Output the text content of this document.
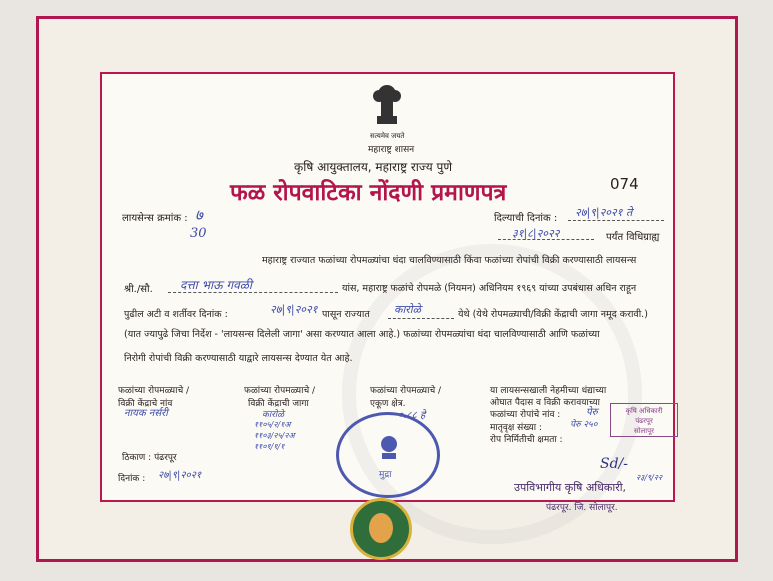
सत्यमेव जयते
महाराष्ट्र शासन
कृषि आयुक्तालय, महाराष्ट्र राज्य पुणे
फळ रोपवाटिका नोंदणी प्रमाणपत्र	074
लायसेन्स क्रमांक : ७
30
दिल्याची दिनांक : २७|९|२०२१ ते
३१|८|२०२२	पर्यंत विधिग्राह्य
महाराष्ट्र राज्यात फळांच्या रोपमळ्यांचा धंदा चालविण्यासाठी किंवा फळांच्या रोपांची विक्री करण्यासाठी लायसन्स
श्री./सौ. दत्ता भाऊ गवळी	यांस, महाराष्ट्र फळांचे रोपमळे (नियमन) अधिनियम १९६९ यांच्या उपबंधास अधिन राहून
पुढील अटी व शर्तीवर दिनांक :	२७|९|२०२१ पासून राज्यात कारोळे	येथे (येथे रोपमळ्याची/विक्री केंद्राची जागा नमूद करावी.)
(यात ज्यापुढे जिचा निर्देश - 'लायसन्स दिलेली जागा' असा करण्यात आला आहे.) फळांच्या रोपमळ्यांचा धंदा चालविण्यासाठी आणि फळांच्या
निरोगी रोपांची विक्री करण्यासाठी याद्वारे लायसन्स देण्यात येत आहे.
फळांच्या रोपमळ्याचे /
विक्री केंद्राचे नांव
नायक नर्सरी
फळांच्या रोपमळ्याचे /
विक्री केंद्राची जागा
कारोळे
११०५/२/१अ
११०३/२५/२अ
११०१/१/१
फळांच्या रोपमळ्याचे /
एकूण क्षेत्र.
०.८८ हे
या लायसन्सखाली नेहमीच्या धंद्याच्या
ओघात पैदास व विक्री करावयाच्या
फळांच्या रोपांचे नांव :	पेरु
मातृवृक्ष संख्या :	पेरु २५०
रोप निर्मितीची क्षमता :
कृषि अधिकारी
पंढरपूर
सोलापूर
मुद्रा
ठिकाण : पंढरपूर
दिनांक : २७|९|२०२१
Sd/-
२३/९/२२
उपविभागीय कृषि अधिकारी,
पंढरपूर. जि. सोलापूर.
